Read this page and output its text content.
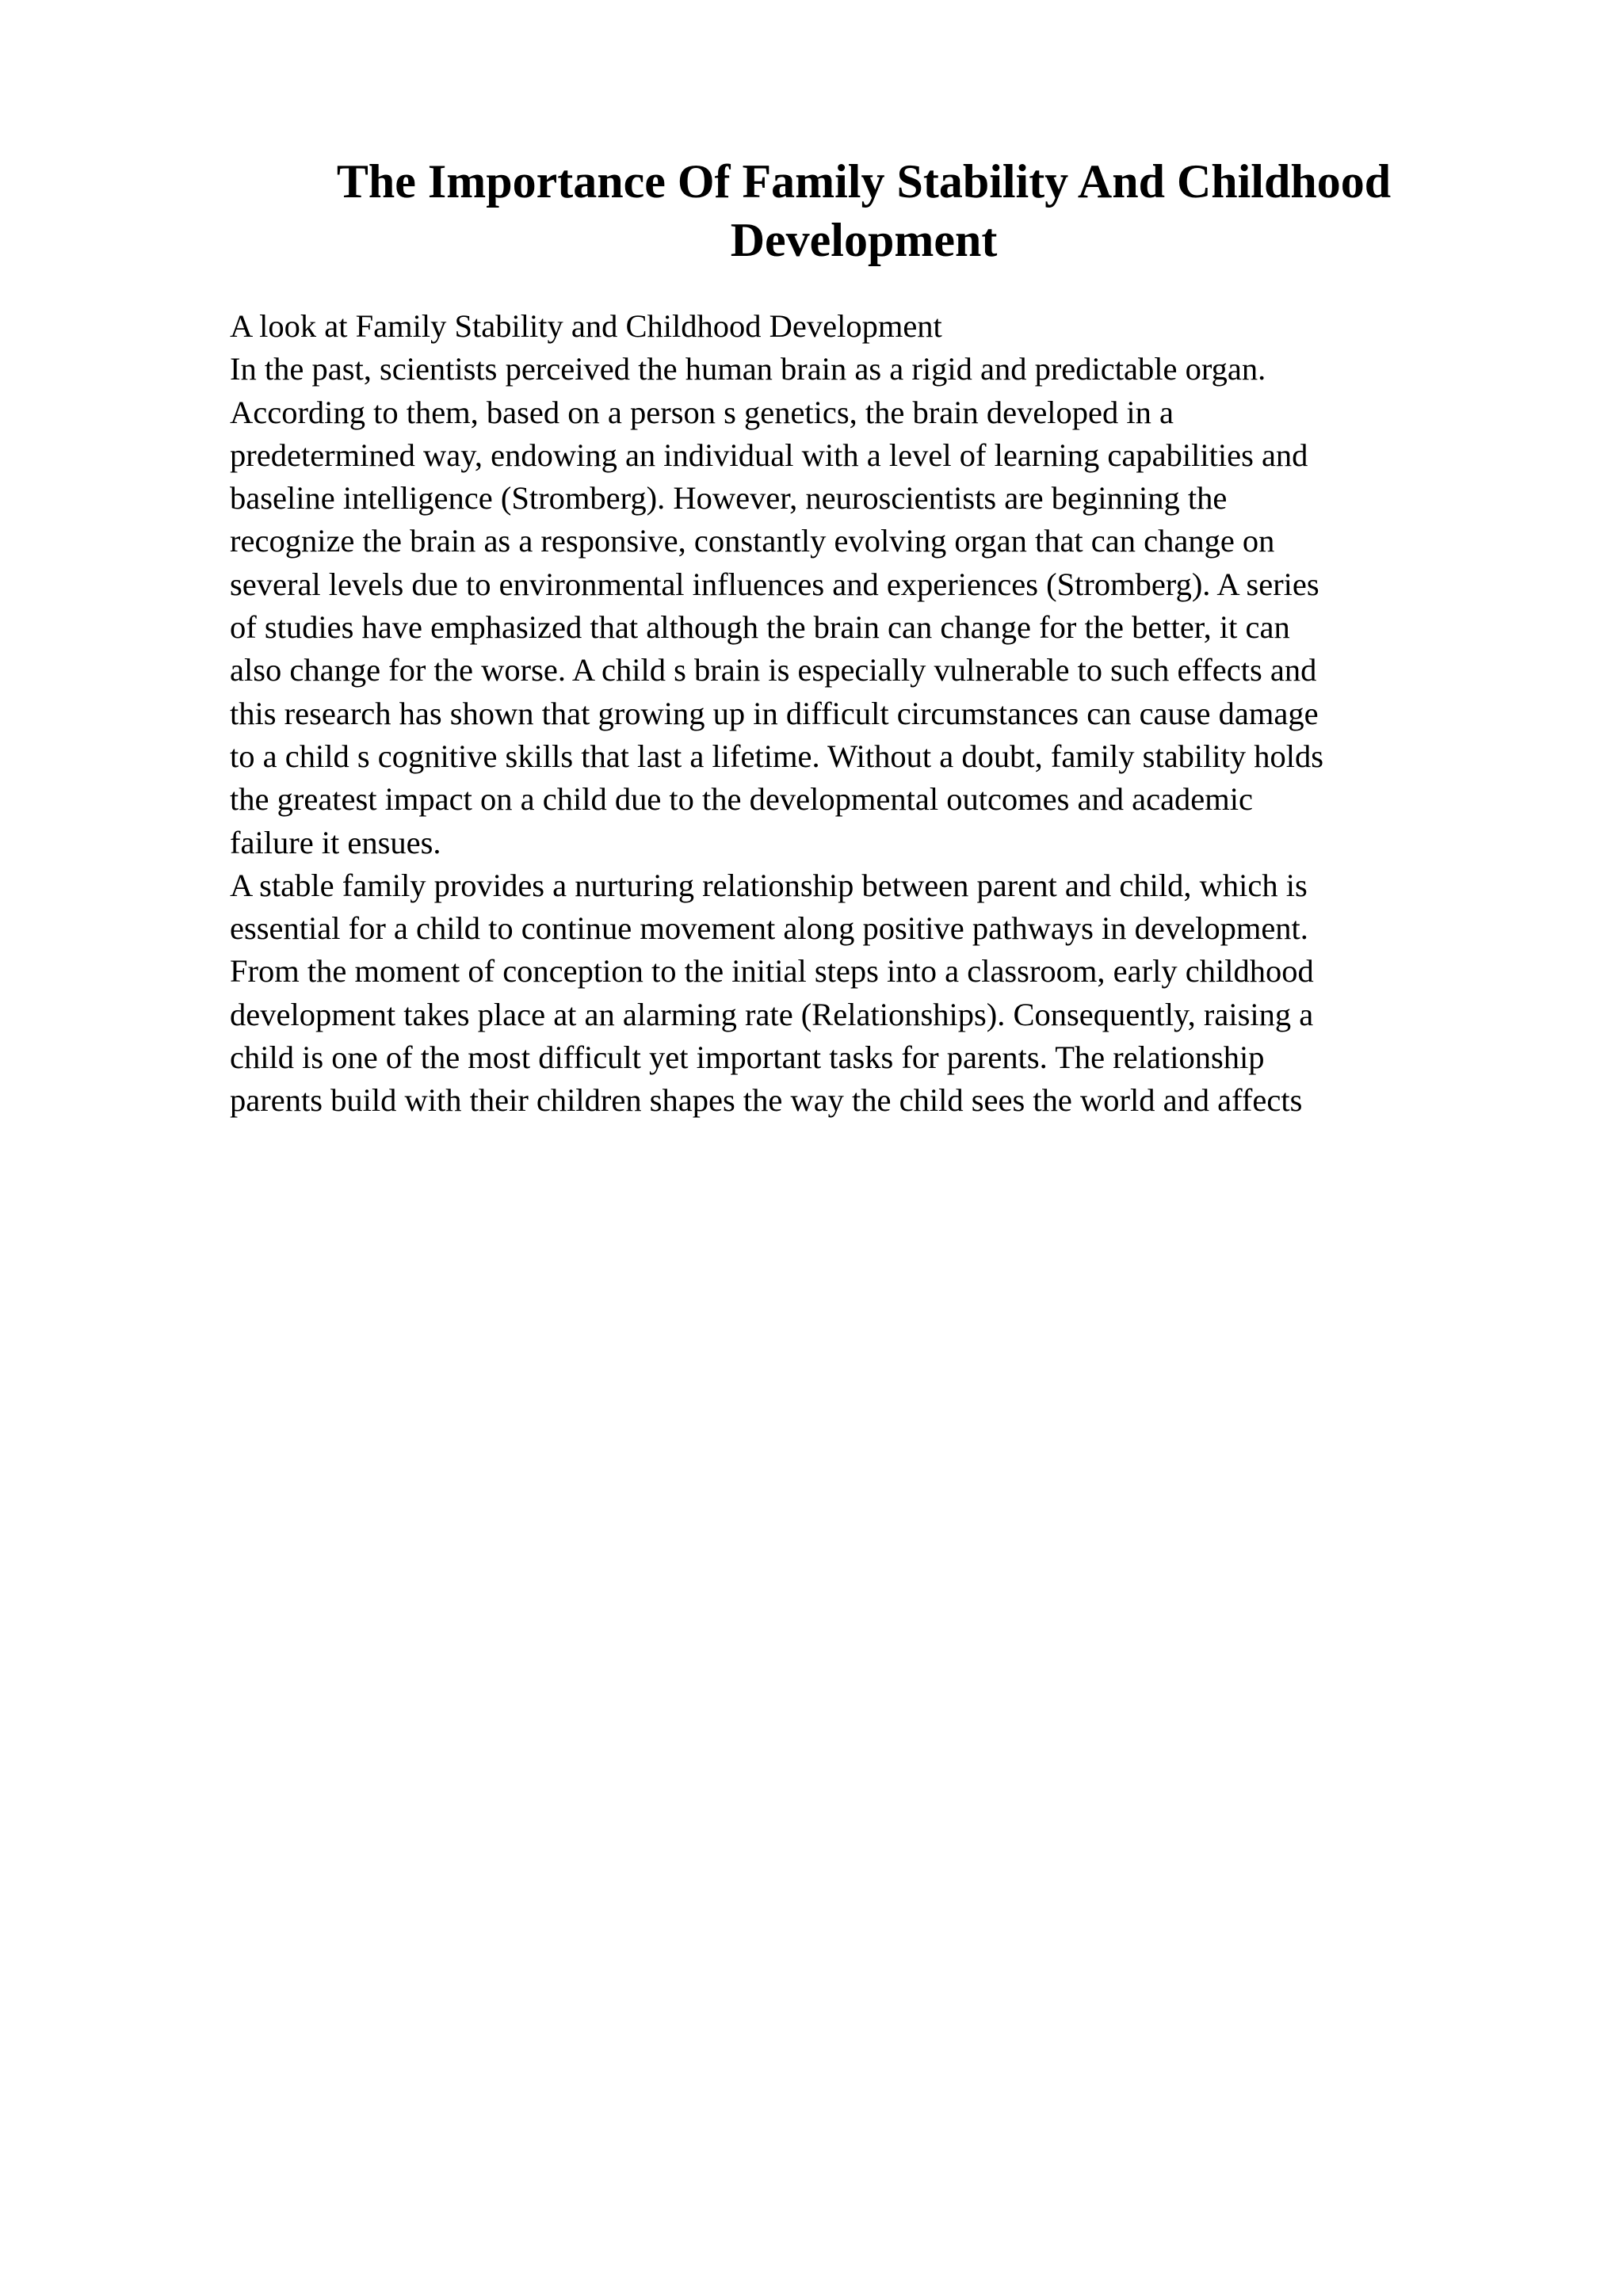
The Importance Of Family Stability And Childhood
Development
A look at Family Stability and Childhood Development
In the past, scientists perceived the human brain as a rigid and predictable organ.
According to them, based on a person s genetics, the brain developed in a
predetermined way, endowing an individual with a level of learning capabilities and
baseline intelligence (Stromberg). However, neuroscientists are beginning the
recognize the brain as a responsive, constantly evolving organ that can change on
several levels due to environmental influences and experiences (Stromberg). A series
of studies have emphasized that although the brain can change for the better, it can
also change for the worse. A child s brain is especially vulnerable to such effects and
this research has shown that growing up in difficult circumstances can cause damage
to a child s cognitive skills that last a lifetime. Without a doubt, family stability holds
the greatest impact on a child due to the developmental outcomes and academic
failure it ensues.
A stable family provides a nurturing relationship between parent and child, which is
essential for a child to continue movement along positive pathways in development.
From the moment of conception to the initial steps into a classroom, early childhood
development takes place at an alarming rate (Relationships). Consequently, raising a
child is one of the most difficult yet important tasks for parents. The relationship
parents build with their children shapes the way the child sees the world and affects
